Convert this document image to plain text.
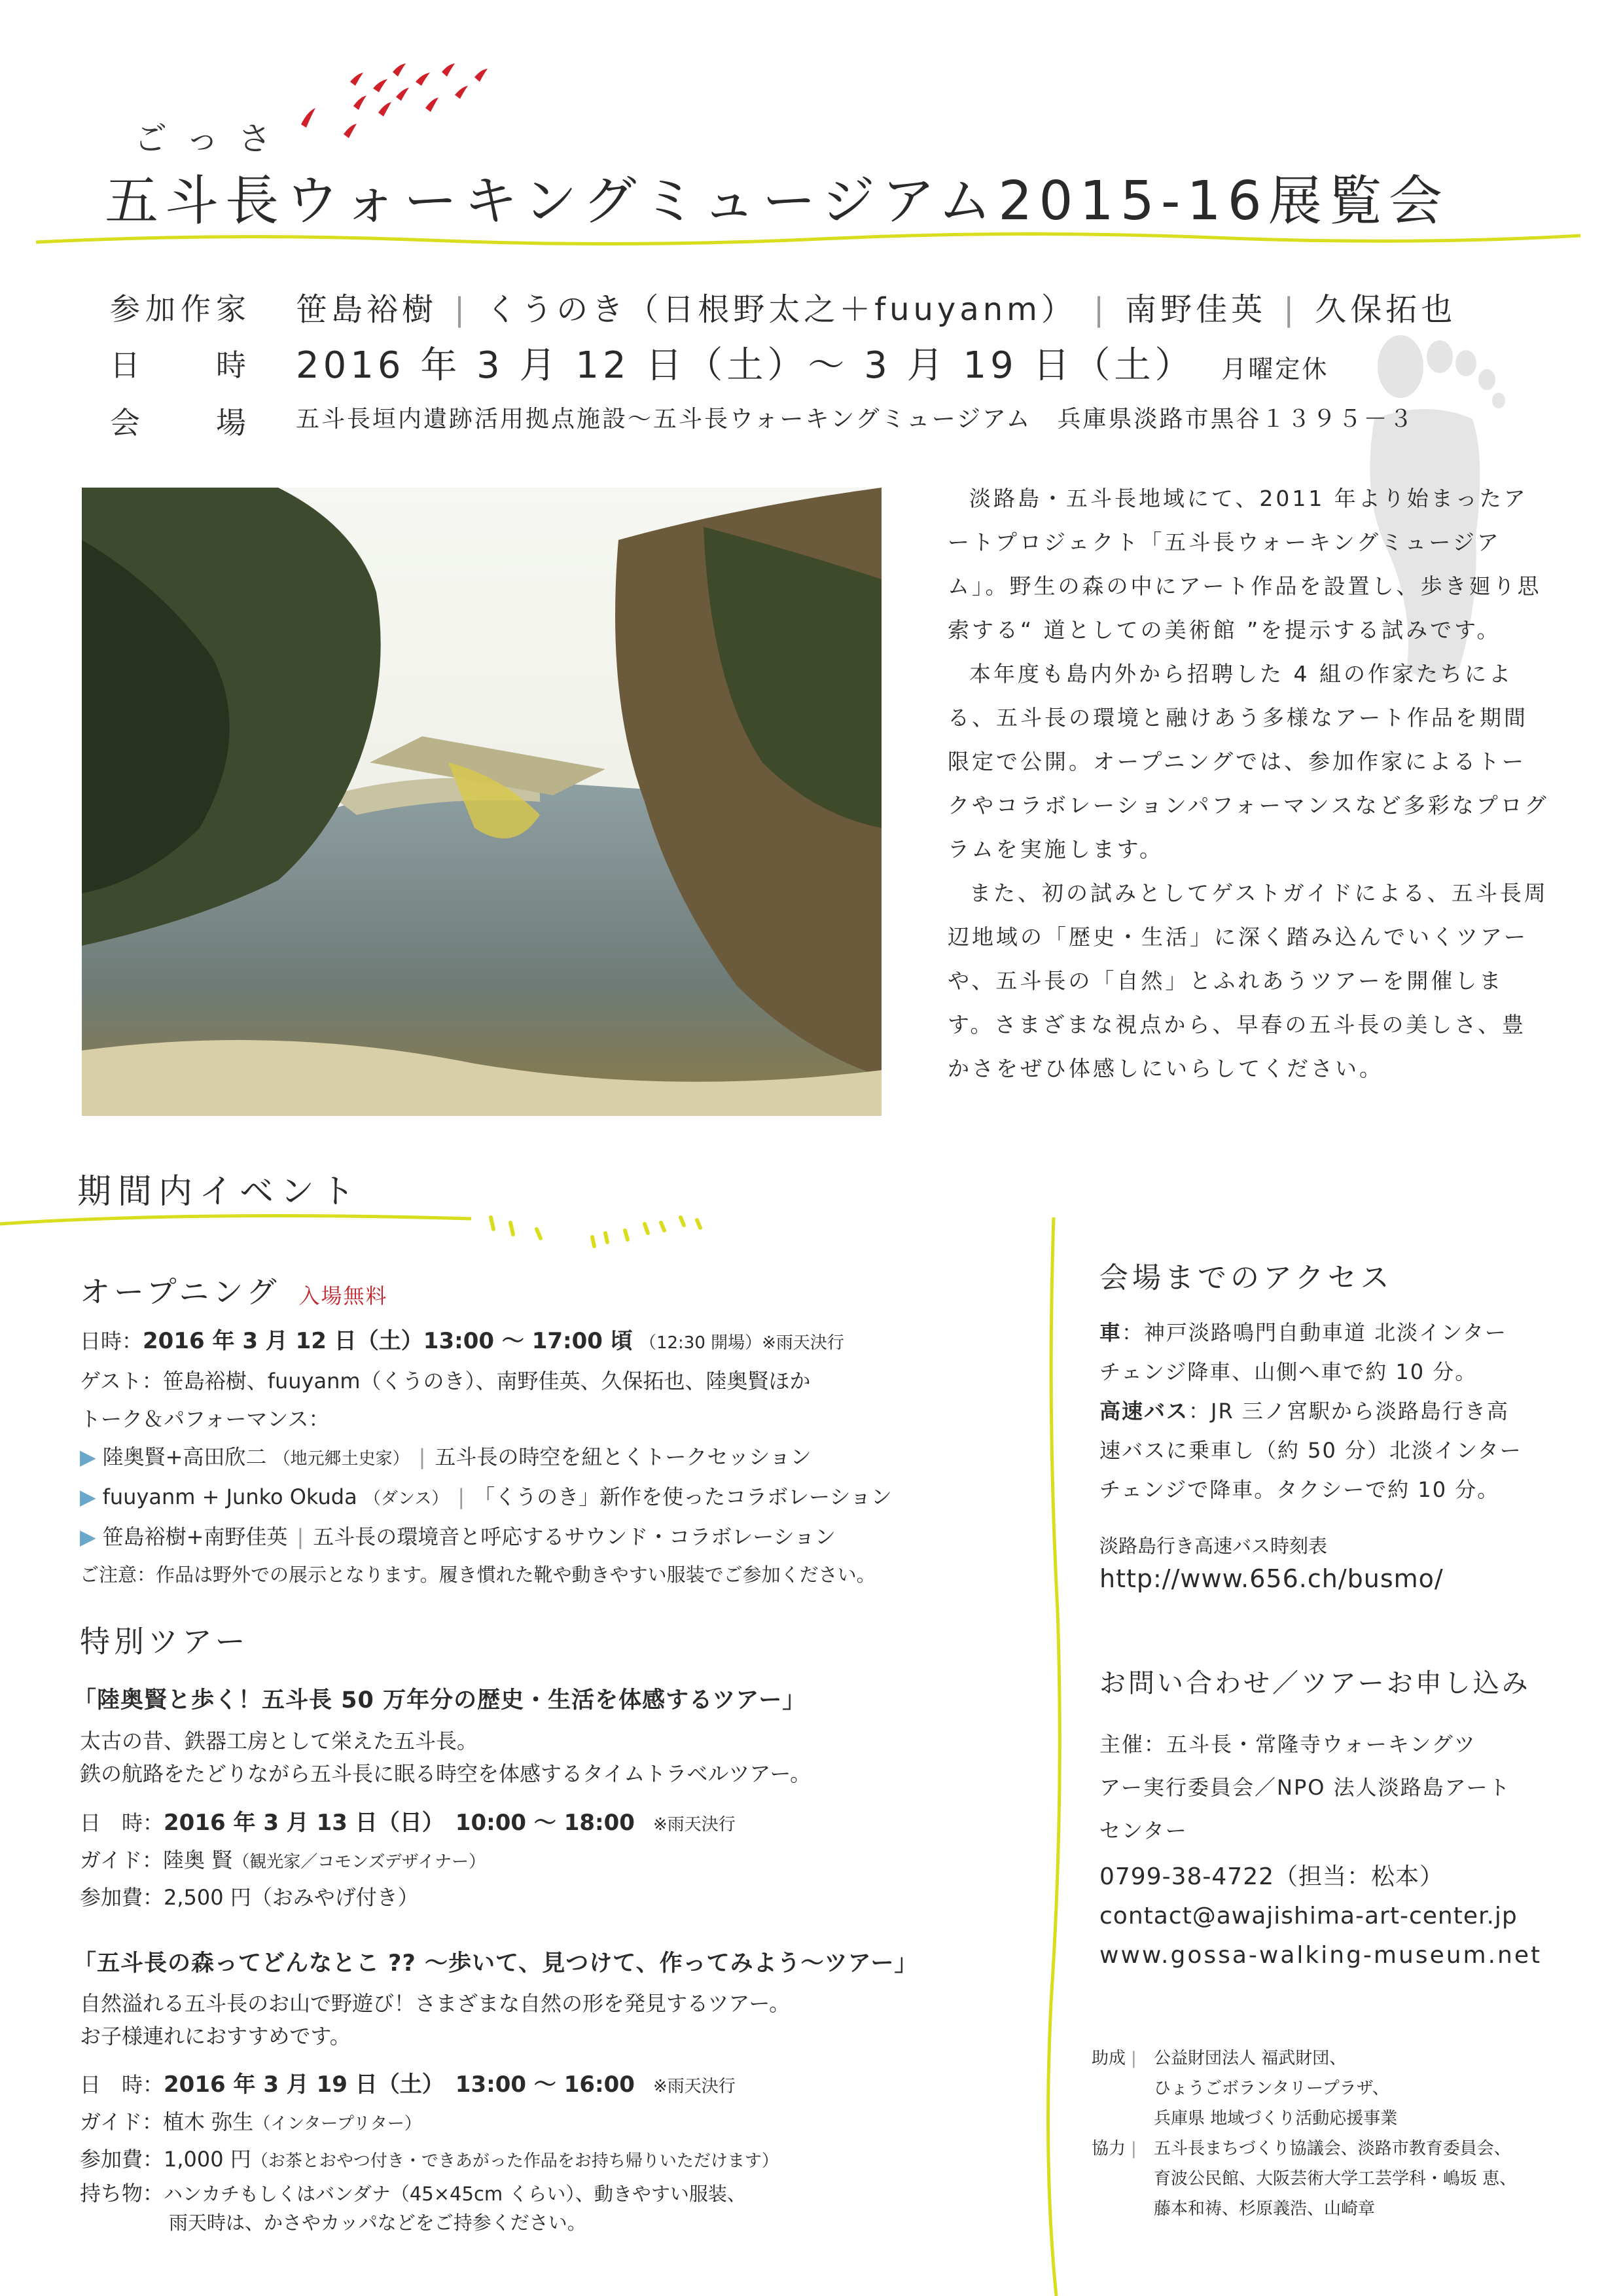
ごっさ
五斗長ウォーキングミュージアム2015-16展覧会
参加作家 笹島裕樹 | くうのき（日根野太之＋fuuyanm） | 南野佳英 | 久保拓也
日　　時 2016 年 3 月 12 日（土）～ 3 月 19 日（土） 月曜定休
会　　場 五斗長垣内遺跡活用拠点施設～五斗長ウォーキングミュージアム　兵庫県淡路市黒谷１３９５－３

淡路島・五斗長地域にて、2011 年より始まったアートプロジェクト「五斗長ウォーキングミュージアム」。野生の森の中にアート作品を設置し、歩き廻り思索する“ 道としての美術館 ”を提示する試みです。

本年度も島内外から招聘した 4 組の作家たちによる、五斗長の環境と融けあう多様なアート作品を期間限定で公開。オープニングでは、参加作家によるトークやコラボレーションパフォーマンスなど多彩なプログラムを実施します。

また、初の試みとしてゲストガイドによる、五斗長周辺地域の「歴史・生活」に深く踏み込んでいくツアーや、五斗長の「自然」とふれあうツアーを開催します。さまざまな視点から、早春の五斗長の美しさ、豊かさをぜひ体感しにいらしてください。

期間内イベント
オープニング 入場無料
日時：2016 年 3 月 12 日（土）13:00 ～ 17:00 頃 （12:30 開場）※雨天決行
ゲスト：笹島裕樹、fuuyanm（くうのき）、南野佳英、久保拓也、陸奥賢ほか
トーク＆パフォーマンス：
▶ 陸奥賢+高田欣二 （地元郷土史家） | 五斗長の時空を紐とくトークセッション
▶ fuuyanm + Junko Okuda （ダンス） | 「くうのき」新作を使ったコラボレーション
▶ 笹島裕樹+南野佳英 | 五斗長の環境音と呼応するサウンド・コラボレーション
ご注意：作品は野外での展示となります。履き慣れた靴や動きやすい服装でご参加ください。
特別ツアー
「陸奥賢と歩く！五斗長 50 万年分の歴史・生活を体感するツアー」
太古の昔、鉄器工房として栄えた五斗長。
鉄の航路をたどりながら五斗長に眠る時空を体感するタイムトラベルツアー。
日　時：2016 年 3 月 13 日（日）　10:00 ～ 18:00 ※雨天決行
ガイド：陸奥 賢（観光家／コモンズデザイナー）
参加費：2,500 円（おみやげ付き）
「五斗長の森ってどんなとこ ?? ～歩いて、見つけて、作ってみよう～ツアー」
自然溢れる五斗長のお山で野遊び！さまざまな自然の形を発見するツアー。
お子様連れにおすすめです。
日　時：2016 年 3 月 19 日（土）　13:00 ～ 16:00 ※雨天決行
ガイド：植木 弥生（インタープリター）
参加費：1,000 円（お茶とおやつ付き・できあがった作品をお持ち帰りいただけます）
持ち物：ハンカチもしくはバンダナ（45×45cm くらい）、動きやすい服装、
雨天時は、かさやカッパなどをご持参ください。
会場までのアクセス
車：神戸淡路鳴門自動車道 北淡インター
チェンジ降車、山側へ車で約 10 分。
高速バス：JR 三ノ宮駅から淡路島行き高
速バスに乗車し（約 50 分）北淡インター
チェンジで降車。タクシーで約 10 分。
淡路島行き高速バス時刻表
http://www.656.ch/busmo/
お問い合わせ／ツアーお申し込み
主催：五斗長・常隆寺ウォーキングツ
アー実行委員会／NPO 法人淡路島アート
センター
0799-38-4722（担当：松本）
contact@awajishima-art-center.jp
www.gossa-walking-museum.net
助成 | 公益財団法人 福武財団、
ひょうごボランタリープラザ、
兵庫県 地域づくり活動応援事業
協力 | 五斗長まちづくり協議会、淡路市教育委員会、
育波公民館、大阪芸術大学工芸学科・嶋坂 恵、
藤本和祷、杉原義浩、山崎章
